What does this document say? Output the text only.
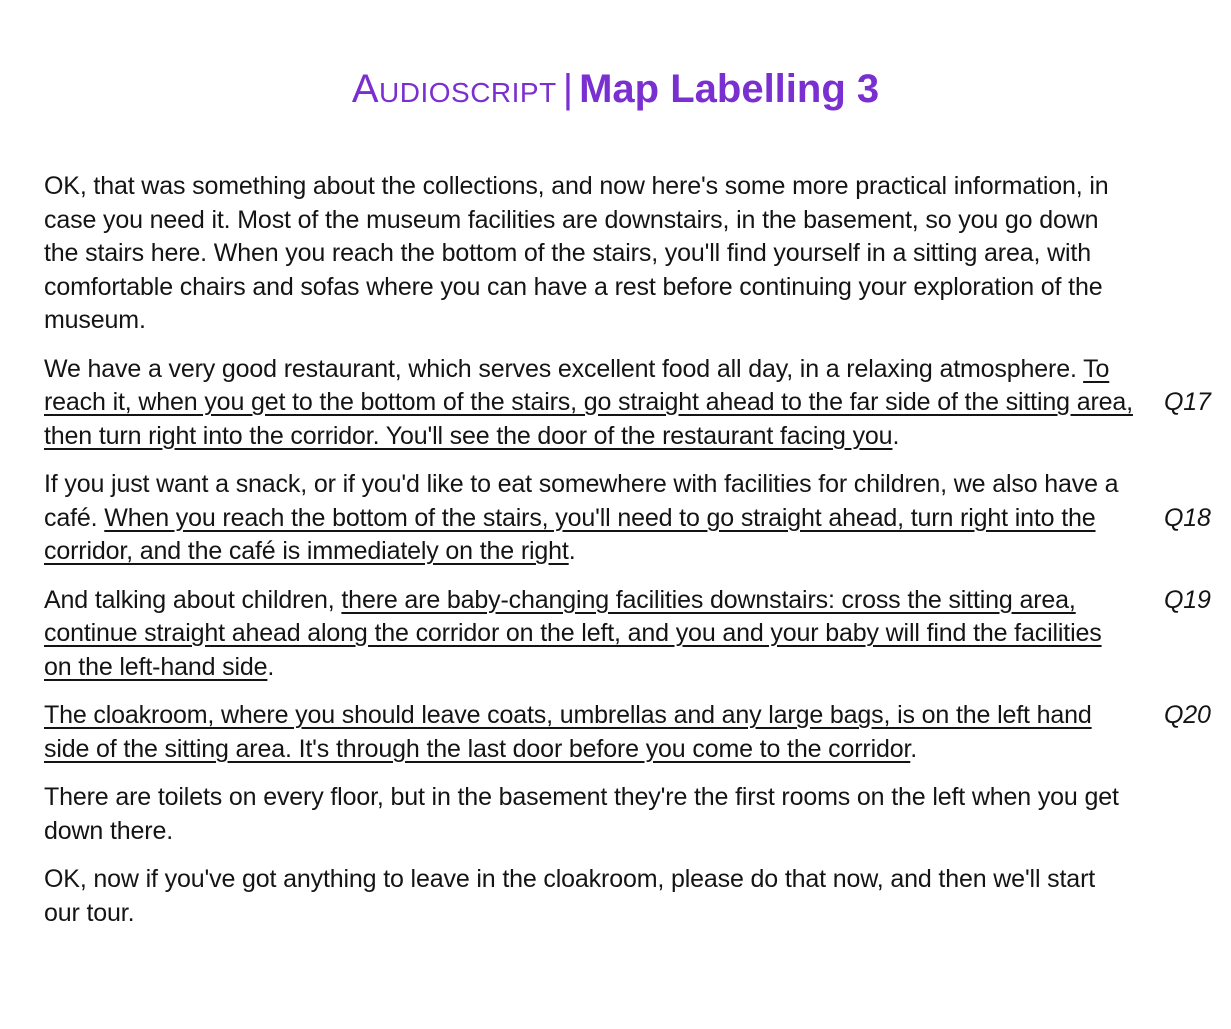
Audioscript | Map Labelling 3
OK, that was something about the collections, and now here's some more practical information, in case you need it. Most of the museum facilities are downstairs, in the basement, so you go down the stairs here. When you reach the bottom of the stairs, you'll find yourself in a sitting area, with comfortable chairs and sofas where you can have a rest before continuing your exploration of the museum.
We have a very good restaurant, which serves excellent food all day, in a relaxing atmosphere. To reach it, when you get to the bottom of the stairs, go straight ahead to the far side of the sitting area, then turn right into the corridor. You'll see the door of the restaurant facing you.
Q17
If you just want a snack, or if you'd like to eat somewhere with facilities for children, we also have a café. When you reach the bottom of the stairs, you'll need to go straight ahead, turn right into the corridor, and the café is immediately on the right.
Q18
And talking about children, there are baby-changing facilities downstairs: cross the sitting area, continue straight ahead along the corridor on the left, and you and your baby will find the facilities on the left-hand side.
Q19
The cloakroom, where you should leave coats, umbrellas and any large bags, is on the left hand side of the sitting area. It's through the last door before you come to the corridor.
Q20
There are toilets on every floor, but in the basement they're the first rooms on the left when you get down there.
OK, now if you've got anything to leave in the cloakroom, please do that now, and then we'll start our tour.
